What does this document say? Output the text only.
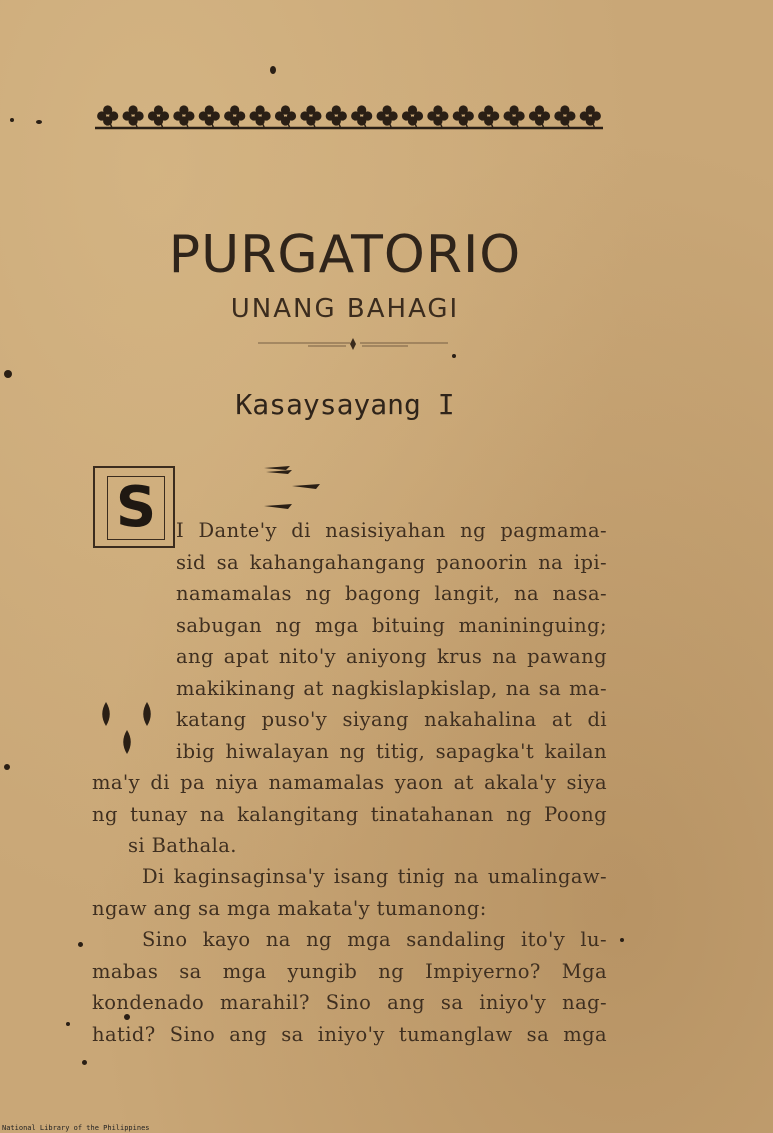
PURGATORIO
UNANG BAHAGI
Kasaysayang I
S	I Dante'y di nasisiyahan ng pagmama-
sid sa kahangahangang panoorin na ipi-
namamalas ng bagong langit, na nasa-
sabugan ng mga bituing manininguing;
ang apat nito'y aniyong krus na pawang
makikinang at nagkislapkislap, na sa ma-
katang puso'y siyang nakahalina at di
ibig hiwalayan ng titig, sapagka't kailan
ma'y di pa niya namamalas yaon at akala'y siya
ng tunay na kalangitang tinatahanan ng Poong
si Bathala.
Di kaginsaginsa'y isang tinig na umalingaw-
ngaw ang sa mga makata'y tumanong:
Sino kayo na ng mga sandaling ito'y lu-
mabas sa mga yungib ng Impiyerno? Mga
kondenado marahil? Sino ang sa iniyo'y nag-
hatid? Sino ang sa iniyo'y tumanglaw sa mga
National Library of the Philippines
